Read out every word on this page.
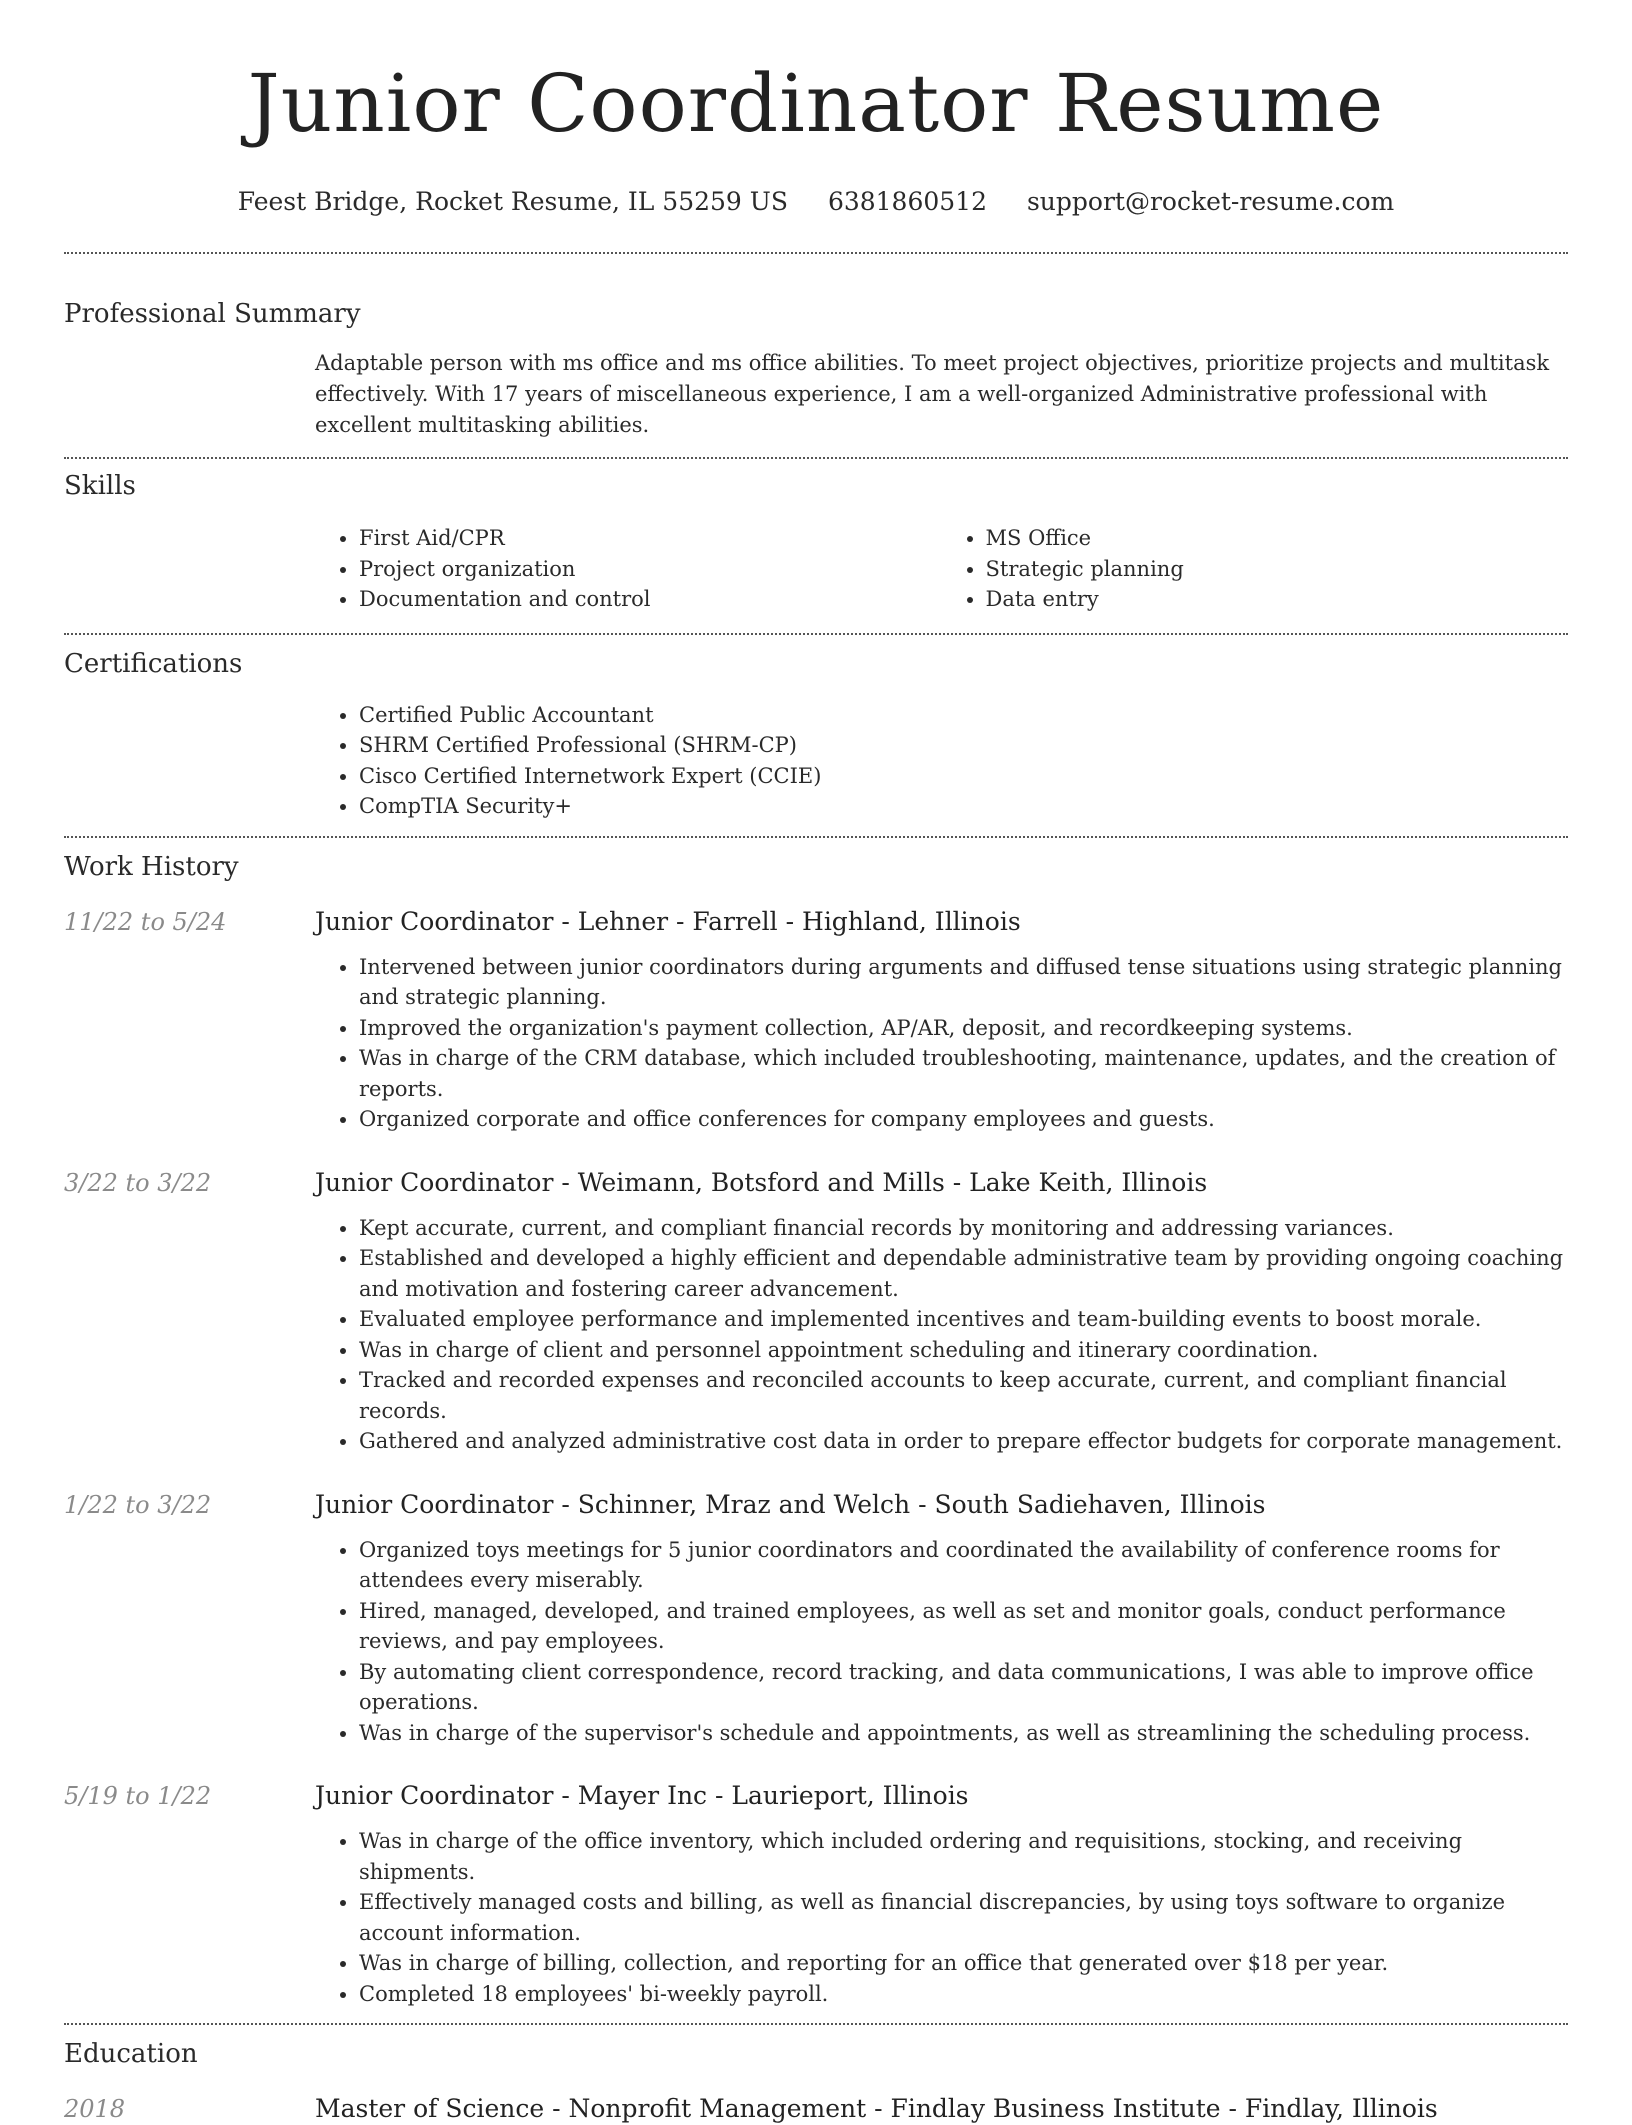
Junior Coordinator Resume
Feest Bridge, Rocket Resume, IL 55259 US 6381860512 support@rocket-resume.com
Professional Summary
Adaptable person with ms office and ms office abilities. To meet project objectives, prioritize projects and multitask effectively. With 17 years of miscellaneous experience, I am a well-organized Administrative professional with excellent multitasking abilities.
Skills
• First Aid/CPR
• Project organization
• Documentation and control
• MS Office
• Strategic planning
• Data entry
Certifications
• Certified Public Accountant
• SHRM Certified Professional (SHRM-CP)
• Cisco Certified Internetwork Expert (CCIE)
• CompTIA Security+
Work History
11/22 to 5/24	Junior Coordinator - Lehner - Farrell - Highland, Illinois
• Intervened between junior coordinators during arguments and diffused tense situations using strategic planning and strategic planning.
• Improved the organization's payment collection, AP/AR, deposit, and recordkeeping systems.
• Was in charge of the CRM database, which included troubleshooting, maintenance, updates, and the creation of reports.
• Organized corporate and office conferences for company employees and guests.
3/22 to 3/22	Junior Coordinator - Weimann, Botsford and Mills - Lake Keith, Illinois
• Kept accurate, current, and compliant financial records by monitoring and addressing variances.
• Established and developed a highly efficient and dependable administrative team by providing ongoing coaching and motivation and fostering career advancement.
• Evaluated employee performance and implemented incentives and team-building events to boost morale.
• Was in charge of client and personnel appointment scheduling and itinerary coordination.
• Tracked and recorded expenses and reconciled accounts to keep accurate, current, and compliant financial records.
• Gathered and analyzed administrative cost data in order to prepare effector budgets for corporate management.
1/22 to 3/22	Junior Coordinator - Schinner, Mraz and Welch - South Sadiehaven, Illinois
• Organized toys meetings for 5 junior coordinators and coordinated the availability of conference rooms for attendees every miserably.
• Hired, managed, developed, and trained employees, as well as set and monitor goals, conduct performance reviews, and pay employees.
• By automating client correspondence, record tracking, and data communications, I was able to improve office operations.
• Was in charge of the supervisor's schedule and appointments, as well as streamlining the scheduling process.
5/19 to 1/22	Junior Coordinator - Mayer Inc - Laurieport, Illinois
• Was in charge of the office inventory, which included ordering and requisitions, stocking, and receiving shipments.
• Effectively managed costs and billing, as well as financial discrepancies, by using toys software to organize account information.
• Was in charge of billing, collection, and reporting for an office that generated over $18 per year.
• Completed 18 employees' bi-weekly payroll.
Education
2018	Master of Science - Nonprofit Management - Findlay Business Institute - Findlay, Illinois
